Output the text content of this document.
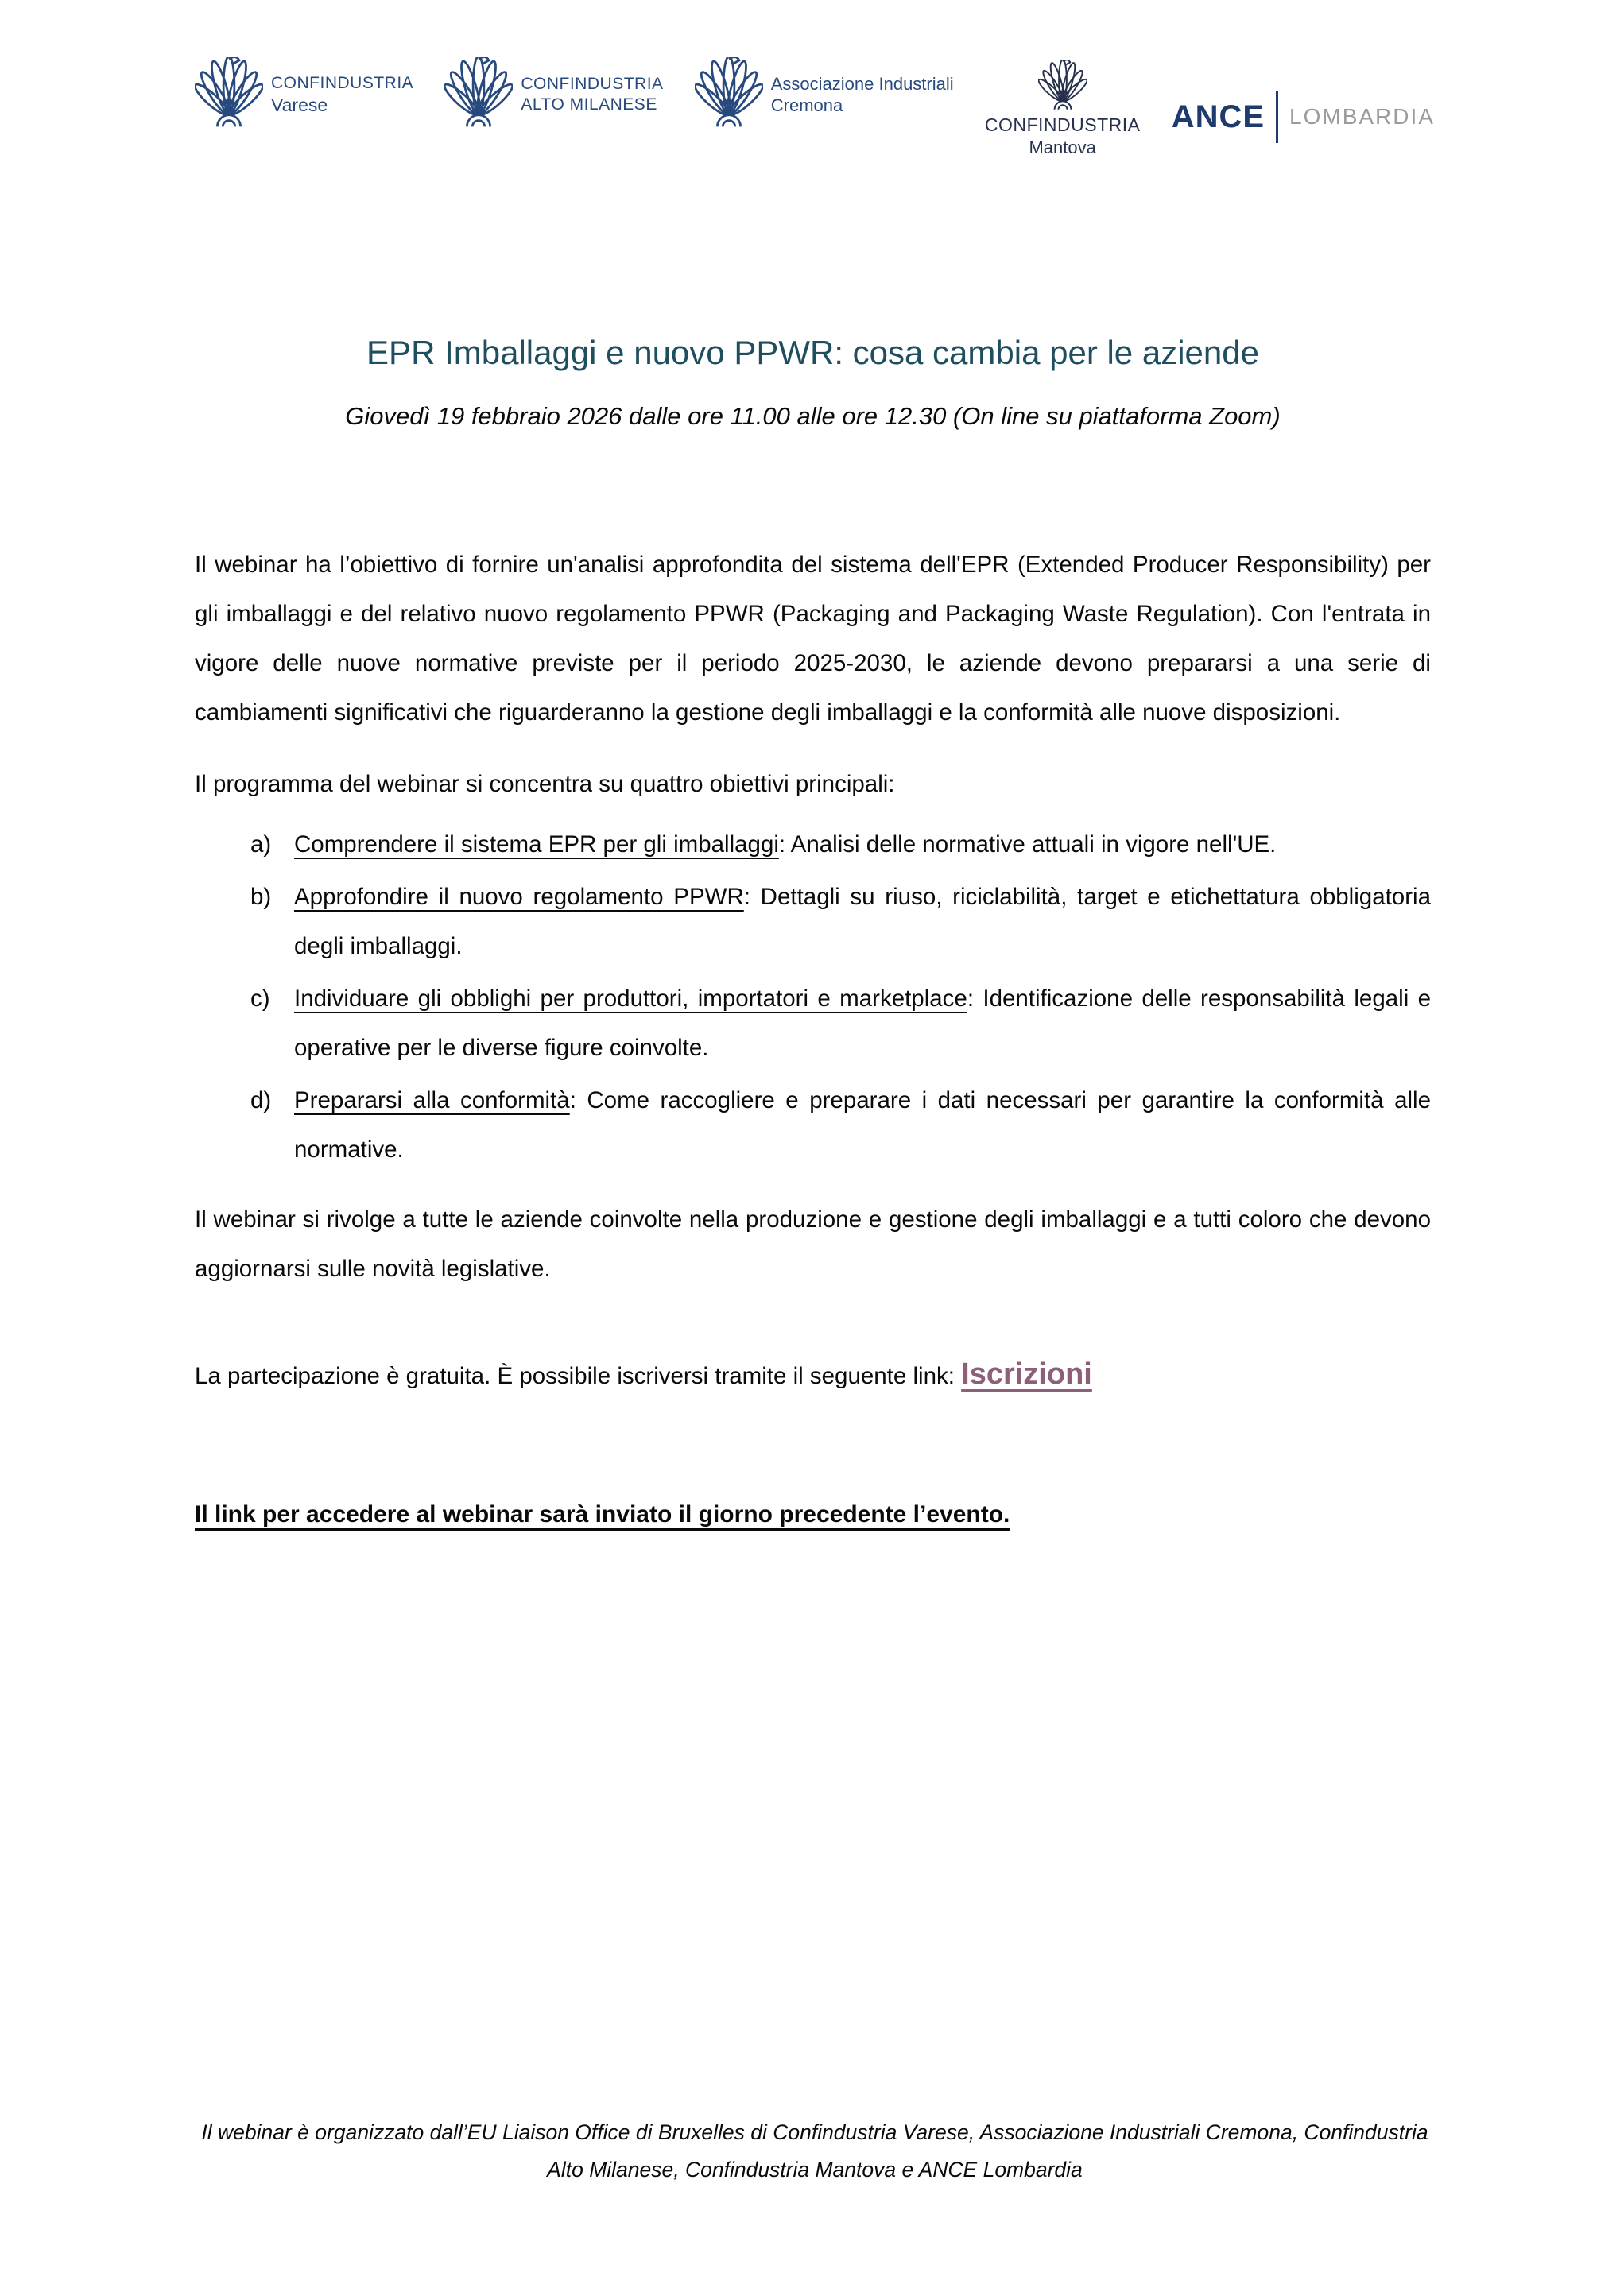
CONFINDUSTRIA
Varese
CONFINDUSTRIA
ALTO MILANESE
Associazione Industriali
Cremona
CONFINDUSTRIA
Mantova
ANCE LOMBARDIA
EPR Imballaggi e nuovo PPWR: cosa cambia per le aziende

Giovedì 19 febbraio 2026 dalle ore 11.00 alle ore 12.30 (On line su piattaforma Zoom)

Il webinar ha l’obiettivo di fornire un'analisi approfondita del sistema dell'EPR (Extended Producer Responsibility) per gli imballaggi e del relativo nuovo regolamento PPWR (Packaging and Packaging Waste Regulation). Con l'entrata in vigore delle nuove normative previste per il periodo 2025-2030, le aziende devono prepararsi a una serie di cambiamenti significativi che riguarderanno la gestione degli imballaggi e la conformità alle nuove disposizioni.

Il programma del webinar si concentra su quattro obiettivi principali:

a) Comprendere il sistema EPR per gli imballaggi: Analisi delle normative attuali in vigore nell'UE.

b) Approfondire il nuovo regolamento PPWR: Dettagli su riuso, riciclabilità, target e etichettatura obbligatoria degli imballaggi.

c)	Individuare gli obblighi per produttori, importatori e marketplace: Identificazione delle responsabilità legali e operative per le diverse figure coinvolte.

d) Prepararsi alla conformità: Come raccogliere e preparare i dati necessari per garantire la conformità alle normative.

Il webinar si rivolge a tutte le aziende coinvolte nella produzione e gestione degli imballaggi e a tutti coloro che devono aggiornarsi sulle novità legislative.

La partecipazione è gratuita. È possibile iscriversi tramite il seguente link: Iscrizioni

Il link per accedere al webinar sarà inviato il giorno precedente l’evento.

Il webinar è organizzato dall’EU Liaison Office di Bruxelles di Confindustria Varese, Associazione Industriali Cremona, Confindustria Alto Milanese, Confindustria Mantova e ANCE Lombardia
